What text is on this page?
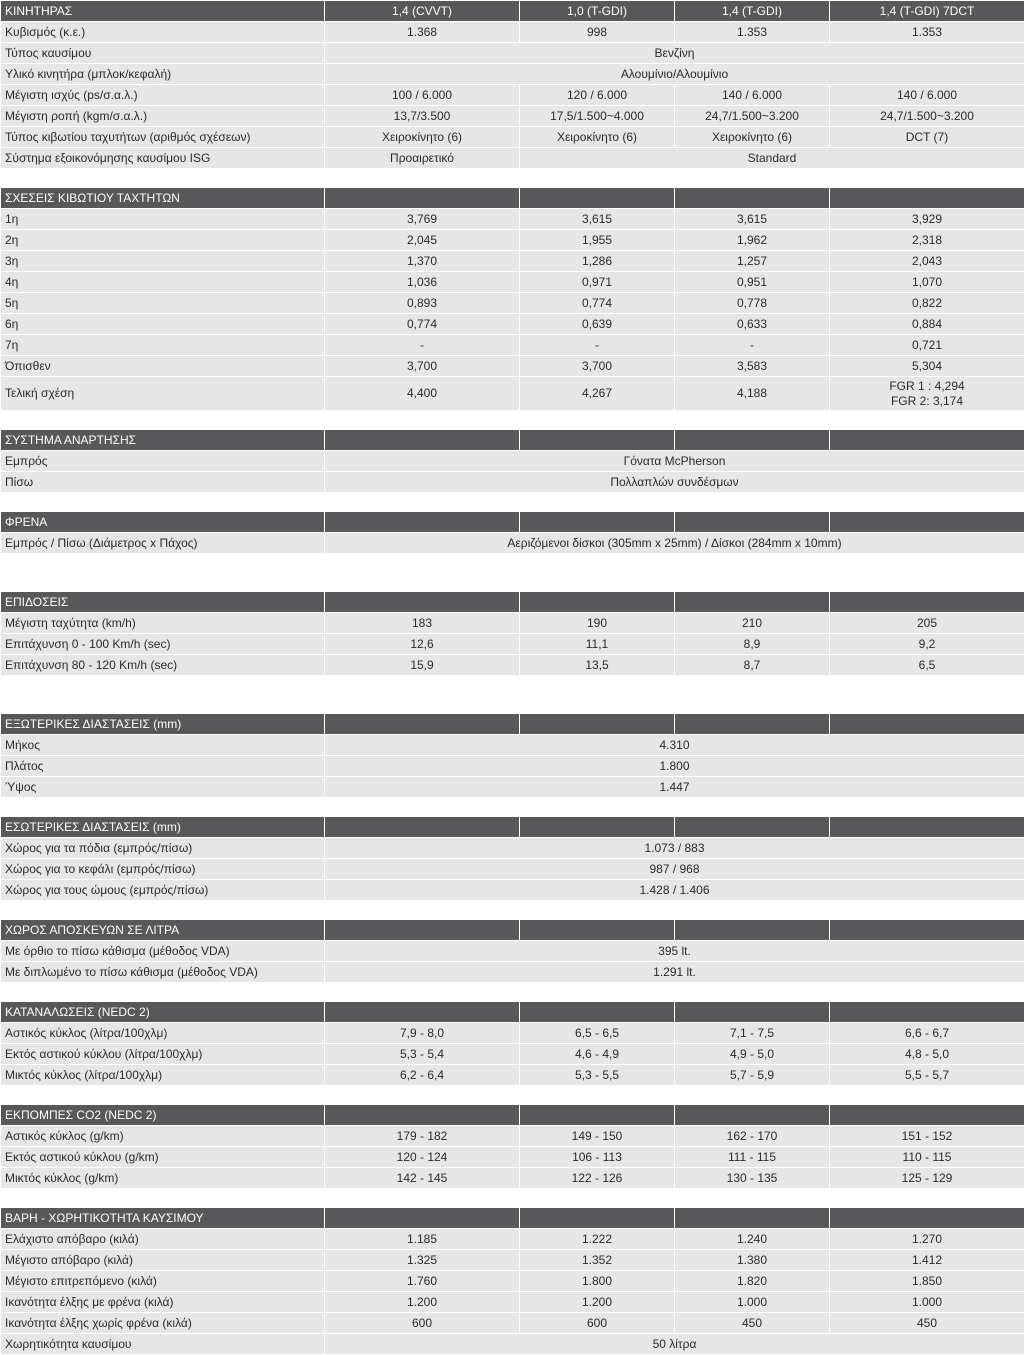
ΚΙΝΗΤΗΡΑΣ	1,4 (CVVT)	1,0 (T-GDI)	1,4 (T-GDI)	1,4 (T-GDI) 7DCT
Κυβισμός (κ.ε.)	1.368	998	1.353	1.353
Τύπος καυσίμου	Βενζίνη			
Υλικό κινητήρα (μπλοκ/κεφαλή)	Αλουμίνιο/Αλουμίνιο			
Μέγιστη ισχύς (ps/σ.α.λ.)	100 / 6.000	120 / 6.000	140 / 6.000	140 / 6.000
Μέγιστη ροπή (kgm/σ.α.λ.)	13,7/3.500	17,5/1.500~4.000	24,7/1.500~3.200	24,7/1.500~3.200
Τύπος κιβωτίου ταχυτήτων (αριθμός σχέσεων)	Χειροκίνητο (6)	Χειροκίνητο (6)	Χειροκίνητο (6)	DCT (7)
Σύστημα εξοικονόμησης καυσίμου ISG	Προαιρετικό	Standard		

ΣΧΕΣΕΙΣ ΚΙΒΩΤΙΟΥ ΤΑΧΤΗΤΩΝ				
1η	3,769	3,615	3,615	3,929
2η	2,045	1,955	1,962	2,318
3η	1,370	1,286	1,257	2,043
4η	1,036	0,971	0,951	1,070
5η	0,893	0,774	0,778	0,822
6η	0,774	0,639	0,633	0,884
7η	-	-	-	0,721
Όπισθεν	3,700	3,700	3,583	5,304
Τελική σχέση	4,400	4,267	4,188	FGR 1 : 4,294
FGR 2: 3,174

ΣΥΣΤΗΜΑ ΑΝΑΡΤΗΣΗΣ				
Εμπρός	Γόνατα McPherson			
Πίσω	Πολλαπλών συνδέσμων			

ΦΡΕΝΑ				
Εμπρός / Πίσω (Διάμετρος x Πάχος)	Αεριζόμενοι δίσκοι (305mm x 25mm) / Δίσκοι (284mm x 10mm)			

ΕΠΙΔΟΣΕΙΣ				
Μέγιστη ταχύτητα (km/h)	183	190	210	205
Επιτάχυνση 0 - 100 Km/h (sec)	12,6	11,1	8,9	9,2
Επιτάχυνση 80 - 120 Km/h (sec)	15,9	13,5	8,7	6,5

ΕΞΩΤΕΡΙΚΕΣ ΔΙΑΣΤΑΣΕΙΣ (mm)				
Μήκος	4.310			
Πλάτος	1.800			
Ύψος	1.447			

ΕΣΩΤΕΡΙΚΕΣ ΔΙΑΣΤΑΣΕΙΣ (mm)				
Χώρος για τα πόδια (εμπρός/πίσω)	1.073 / 883			
Χώρος για το κεφάλι (εμπρός/πίσω)	987 / 968			
Χώρος για τους ώμους (εμπρός/πίσω)	1.428 / 1.406			

ΧΩΡΟΣ ΑΠΟΣΚΕΥΩΝ ΣΕ ΛΙΤΡΑ				
Με όρθιο το πίσω κάθισμα (μέθοδος VDA)	395 lt.			
Με διπλωμένο το πίσω κάθισμα (μέθοδος VDA)	1.291 lt.			

ΚΑΤΑΝΑΛΩΣΕΙΣ (NEDC 2)				
Αστικός κύκλος (λίτρα/100χλμ)	7,9 - 8,0	6,5 - 6,5	7,1 - 7,5	6,6 - 6,7
Εκτός αστικού κύκλου (λίτρα/100χλμ)	5,3 - 5,4	4,6 - 4,9	4,9 - 5,0	4,8 - 5,0
Μικτός κύκλος (λίτρα/100χλμ)	6,2 - 6,4	5,3 - 5,5	5,7 - 5,9	5,5 - 5,7

ΕΚΠΟΜΠΕΣ CO2 (NEDC 2)				
Αστικός κύκλος (g/km)	179 - 182	149 - 150	162 - 170	151 - 152
Εκτός αστικού κύκλου (g/km)	120 - 124	106 - 113	111 - 115	110 - 115
Μικτός κύκλος (g/km)	142 - 145	122 - 126	130 - 135	125 - 129

ΒΑΡΗ - ΧΩΡΗΤΙΚΟΤΗΤΑ ΚΑΥΣΙΜΟΥ				
Ελάχιστο απόβαρο (κιλά)	1.185	1.222	1.240	1.270
Μέγιστο απόβαρο (κιλά)	1.325	1.352	1.380	1.412
Μέγιστο επιτρεπόμενο (κιλά)	1.760	1.800	1.820	1.850
Ικανότητα έλξης με φρένα (κιλά)	1.200	1.200	1.000	1.000
Ικανότητα έλξης χωρίς φρένα (κιλά)	600	600	450	450
Χωρητικότητα καυσίμου	50 λίτρα			
